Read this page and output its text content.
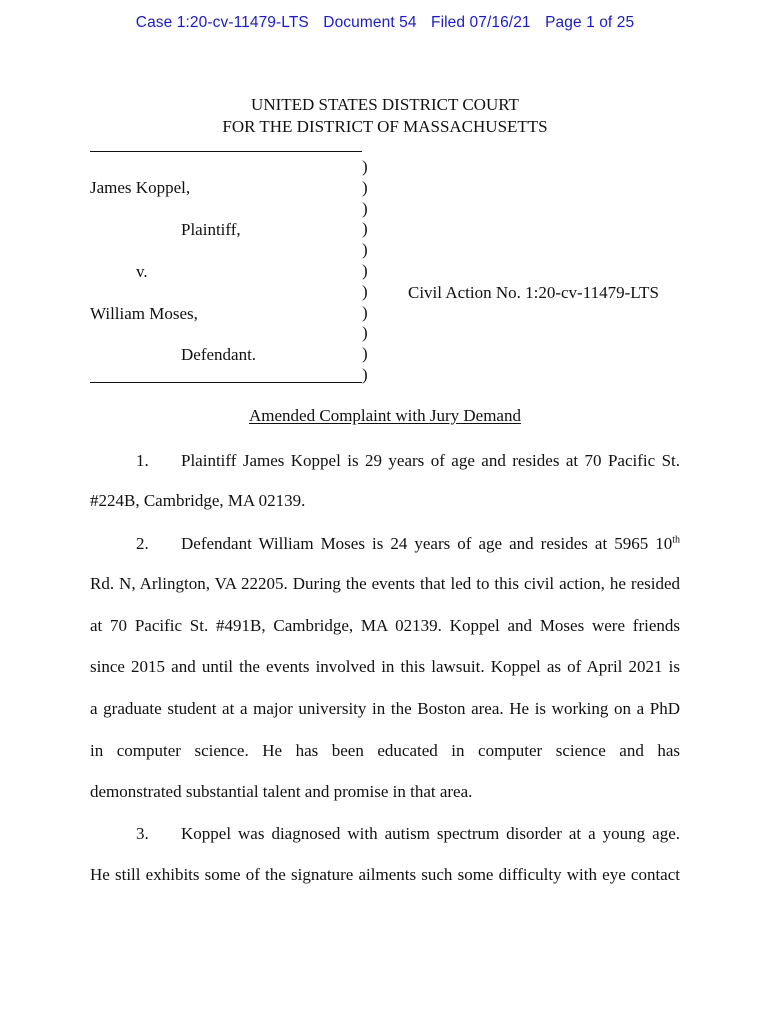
Case 1:20-cv-11479-LTS Document 54 Filed 07/16/21 Page 1 of 25
UNITED STATES DISTRICT COURT
FOR THE DISTRICT OF MASSACHUSETTS
)
)
)
)
)
)
)
)
)
)
)
James Koppel,
Plaintiff,
v.
William Moses,
Defendant.
Civil Action No. 1:20-cv-11479-LTS
Amended Complaint with Jury Demand
1. Plaintiff James Koppel is 29 years of age and resides at 70 Pacific St.
#224B, Cambridge, MA 02139.
2. Defendant William Moses is 24 years of age and resides at 5965 10th
Rd. N, Arlington, VA 22205. During the events that led to this civil action, he resided
at 70 Pacific St. #491B, Cambridge, MA 02139. Koppel and Moses were friends
since 2015 and until the events involved in this lawsuit. Koppel as of April 2021 is
a graduate student at a major university in the Boston area. He is working on a PhD
in computer science. He has been educated in computer science and has
demonstrated substantial talent and promise in that area.
3. Koppel was diagnosed with autism spectrum disorder at a young age.
He still exhibits some of the signature ailments such some difficulty with eye contact
